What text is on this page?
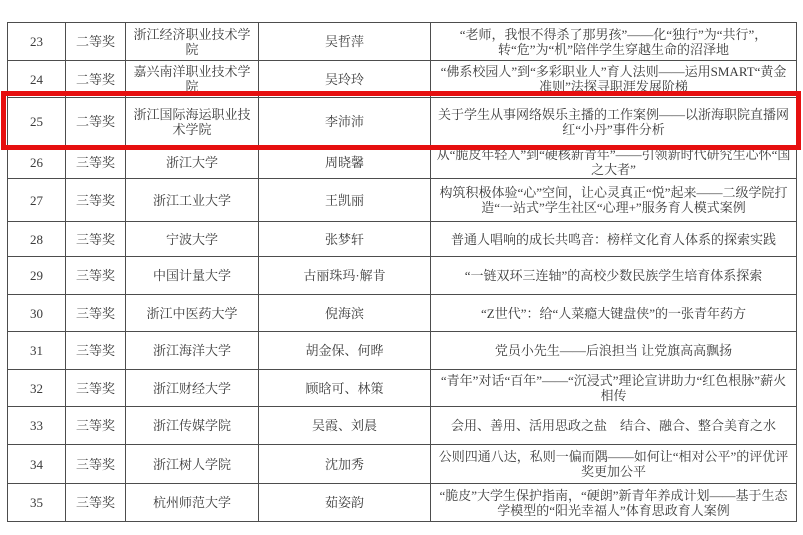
23	二等奖	浙江经济职业技术学院	吴哲萍	“老师，我恨不得杀了那男孩”——化“独行”为“共行”，转“危”为“机”陪伴学生穿越生命的沼泽地
24	二等奖	嘉兴南洋职业技术学院	吴玲玲	“佛系校园人”到“多彩职业人”育人法则——运用SMART“黄金准则”法探寻职涯发展阶梯
25	二等奖	浙江国际海运职业技术学院	李沛沛	关于学生从事网络娱乐主播的工作案例——以浙海职院直播网红“小丹”事件分析
26	三等奖	浙江大学	周晓馨	从“脆皮年轻人”到“硬核新青年”——引领新时代研究生心怀“国之大者”
27	三等奖	浙江工业大学	王凯丽	构筑积极体验“心”空间，让心灵真正“悦”起来——二级学院打造“一站式”学生社区“心理+”服务育人模式案例
28	三等奖	宁波大学	张梦轩	普通人唱响的成长共鸣音：榜样文化育人体系的探索实践
29	三等奖	中国计量大学	古丽珠玛·解肯	“一链双环三连轴”的高校少数民族学生培育体系探索
30	三等奖	浙江中医药大学	倪海滨	“Z世代”：给“人菜瘾大键盘侠”的一张青年药方
31	三等奖	浙江海洋大学	胡金保、何晔	党员小先生——后浪担当 让党旗高高飘扬
32	三等奖	浙江财经大学	顾晗可、林策	“青年”对话“百年”——“沉浸式”理论宣讲助力“红色根脉”薪火相传
33	三等奖	浙江传媒学院	吴霞、刘晨	会用、善用、活用思政之盐　结合、融合、整合美育之水
34	三等奖	浙江树人学院	沈加秀	公则四通八达，私则一偏而隅——如何让“相对公平”的评优评奖更加公平
35	三等奖	杭州师范大学	茹姿韵	“脆皮”大学生保护指南，“硬朗”新青年养成计划——基于生态学模型的“阳光幸福人”体育思政育人案例
